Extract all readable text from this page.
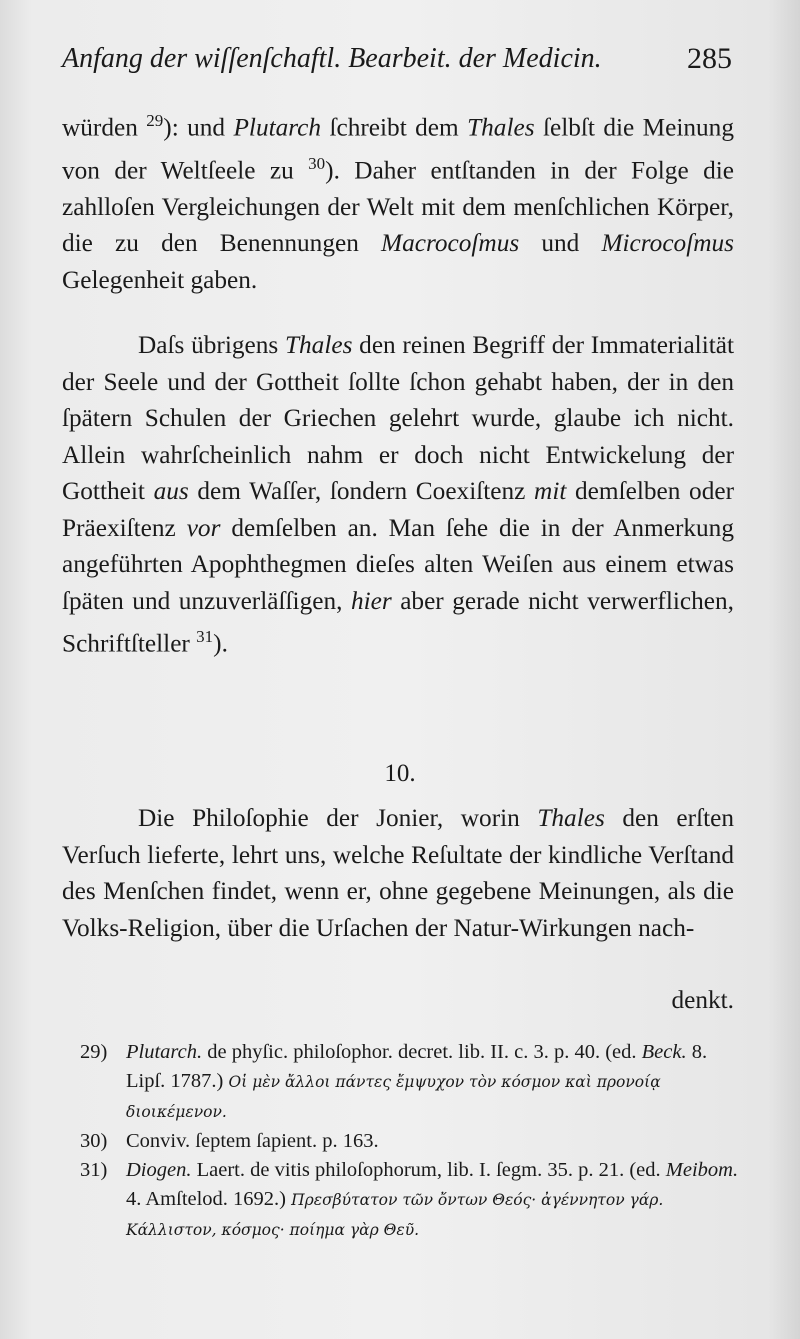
Anfang der wiſſenſchaftl. Bearbeit. der Medicin.	285
würden $^{29}$): und Plutarch ſchreibt dem Thales ſelbſt die Meinung von der Weltſeele zu $^{30}$). Daher entſtanden in der Folge die zahlloſen Vergleichungen der Welt mit dem menſchlichen Körper, die zu den Benennungen Macrocoſmus und Microcoſmus Gelegenheit gaben.
Daſs übrigens Thales den reinen Begriff der Immaterialität der Seele und der Gottheit ſollte ſchon gehabt haben, der in den ſpätern Schulen der Griechen gelehrt wurde, glaube ich nicht. Allein wahrſcheinlich nahm er doch nicht Entwickelung der Gottheit aus dem Waſſer, ſondern Coexiſtenz mit demſelben oder Präexiſtenz vor demſelben an. Man ſehe die in der Anmerkung angeführten Apophthegmen dieſes alten Weiſen aus einem etwas ſpäten und unzuverläſſigen, hier aber gerade nicht verwerflichen, Schriftſteller $^{31}$).
10.
Die Philoſophie der Jonier, worin Thales den erſten Verſuch lieferte, lehrt uns, welche Reſultate der kindliche Verſtand des Menſchen findet, wenn er, ohne gegebene Meinungen, als die Volks-Religion, über die Urſachen der Natur-Wirkungen nach-
denkt.
29) Plutarch. de phyſic. philoſophor. decret. lib. II. c. 3. p. 40. (ed. Beck. 8. Lipſ. 1787.) Οἱ μὲν ἄλλοι πάντες ἔμψυχον τὸν κόσμον καὶ προνοίᾳ διοικέμενον.
30) Conviv. ſeptem ſapient. p. 163.
31) Diogen. Laert. de vitis philoſophorum, lib. I. ſegm. 35. p. 21. (ed. Meibom. 4. Amſtelod. 1692.) Πρεσβύτατον τῶν ὄντων Θεός· ἀγέννητον γάρ. Κάλλιστον, κόσμος· ποίημα γὰρ Θεῦ.
